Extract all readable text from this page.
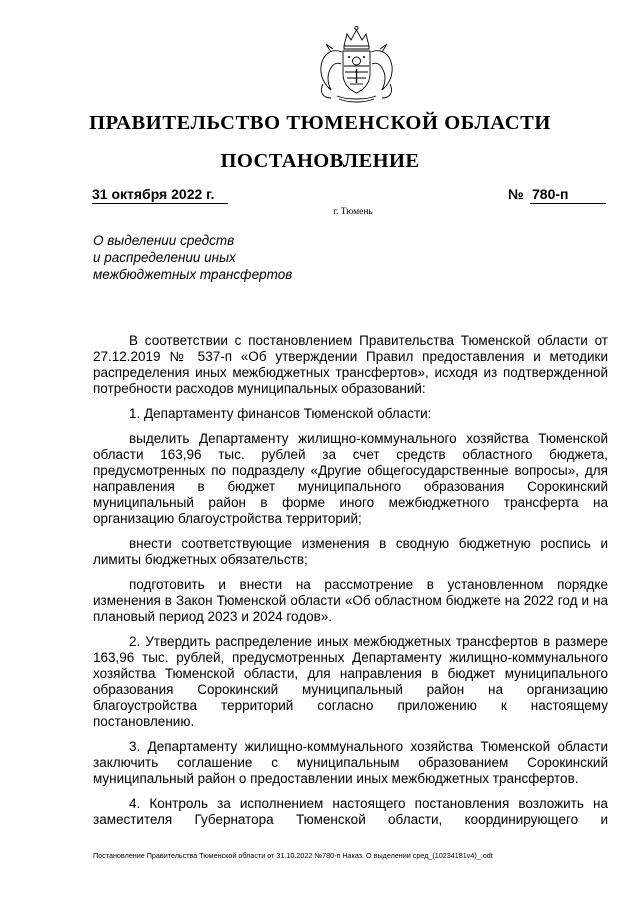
ПРАВИТЕЛЬСТВО ТЮМЕНСКОЙ ОБЛАСТИ
ПОСТАНОВЛЕНИЕ
31 октября 2022 г.	№ 780-п
г. Тюмень
О выделении средств
и распределении иных
межбюджетных трансфертов

В соответствии с постановлением Правительства Тюменской области от 27.12.2019 № 537-п «Об утверждении Правил предоставления и методики распределения иных межбюджетных трансфертов», исходя из подтвержденной потребности расходов муниципальных образований:

1. Департаменту финансов Тюменской области:

выделить Департаменту жилищно-коммунального хозяйства Тюменской области 163,96 тыс. рублей за счет средств областного бюджета, предусмотренных по подразделу «Другие общегосударственные вопросы», для направления в бюджет муниципального образования Сорокинский муниципальный район в форме иного межбюджетного трансферта на организацию благоустройства территорий;

внести соответствующие изменения в сводную бюджетную роспись и лимиты бюджетных обязательств;

подготовить и внести на рассмотрение в установленном порядке изменения в Закон Тюменской области «Об областном бюджете на 2022 год и на плановый период 2023 и 2024 годов».

2. Утвердить распределение иных межбюджетных трансфертов в размере 163,96 тыс. рублей, предусмотренных Департаменту жилищно-коммунального хозяйства Тюменской области, для направления в бюджет муниципального образования Сорокинский муниципальный район на организацию благоустройства территорий согласно приложению к настоящему постановлению.

3. Департаменту жилищно-коммунального хозяйства Тюменской области заключить соглашение с муниципальным образованием Сорокинский муниципальный район о предоставлении иных межбюджетных трансфертов.

4. Контроль за исполнением настоящего постановления возложить на заместителя Губернатора Тюменской области, координирующего и

Постановление Правительства Тюменской области от 31.10.2022 №780-п Наказ. О выделении сред_(10234181v4)_.odt
